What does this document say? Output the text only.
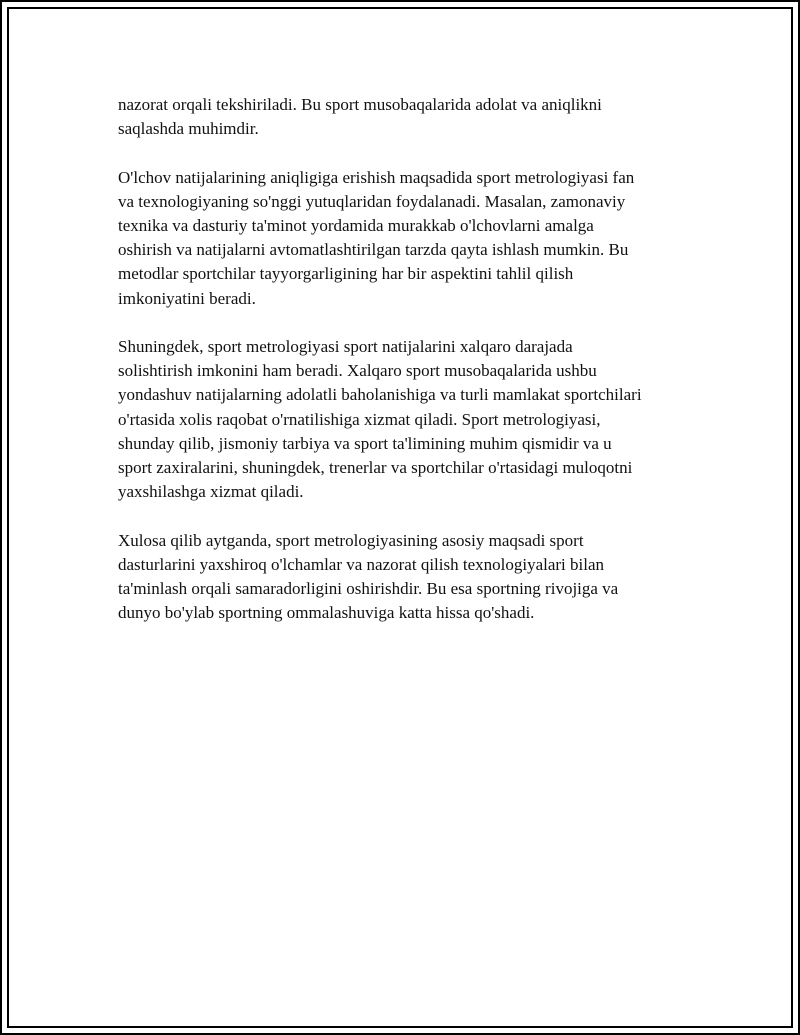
nazorat orqali tekshiriladi. Bu sport musobaqalarida adolat va aniqlikni
saqlashda muhimdir.

O'lchov natijalarining aniqligiga erishish maqsadida sport metrologiyasi fan
va texnologiyaning so'nggi yutuqlaridan foydalanadi. Masalan, zamonaviy
texnika va dasturiy ta'minot yordamida murakkab o'lchovlarni amalga
oshirish va natijalarni avtomatlashtirilgan tarzda qayta ishlash mumkin. Bu
metodlar sportchilar tayyorgarligining har bir aspektini tahlil qilish
imkoniyatini beradi.

Shuningdek, sport metrologiyasi sport natijalarini xalqaro darajada
solishtirish imkonini ham beradi. Xalqaro sport musobaqalarida ushbu
yondashuv natijalarning adolatli baholanishiga va turli mamlakat sportchilari
o'rtasida xolis raqobat o'rnatilishiga xizmat qiladi. Sport metrologiyasi,
shunday qilib, jismoniy tarbiya va sport ta'limining muhim qismidir va u
sport zaxiralarini, shuningdek, trenerlar va sportchilar o'rtasidagi muloqotni
yaxshilashga xizmat qiladi.

Xulosa qilib aytganda, sport metrologiyasining asosiy maqsadi sport
dasturlarini yaxshiroq o'lchamlar va nazorat qilish texnologiyalari bilan
ta'minlash orqali samaradorligini oshirishdir. Bu esa sportning rivojiga va
dunyo bo'ylab sportning ommalashuviga katta hissa qo'shadi.
